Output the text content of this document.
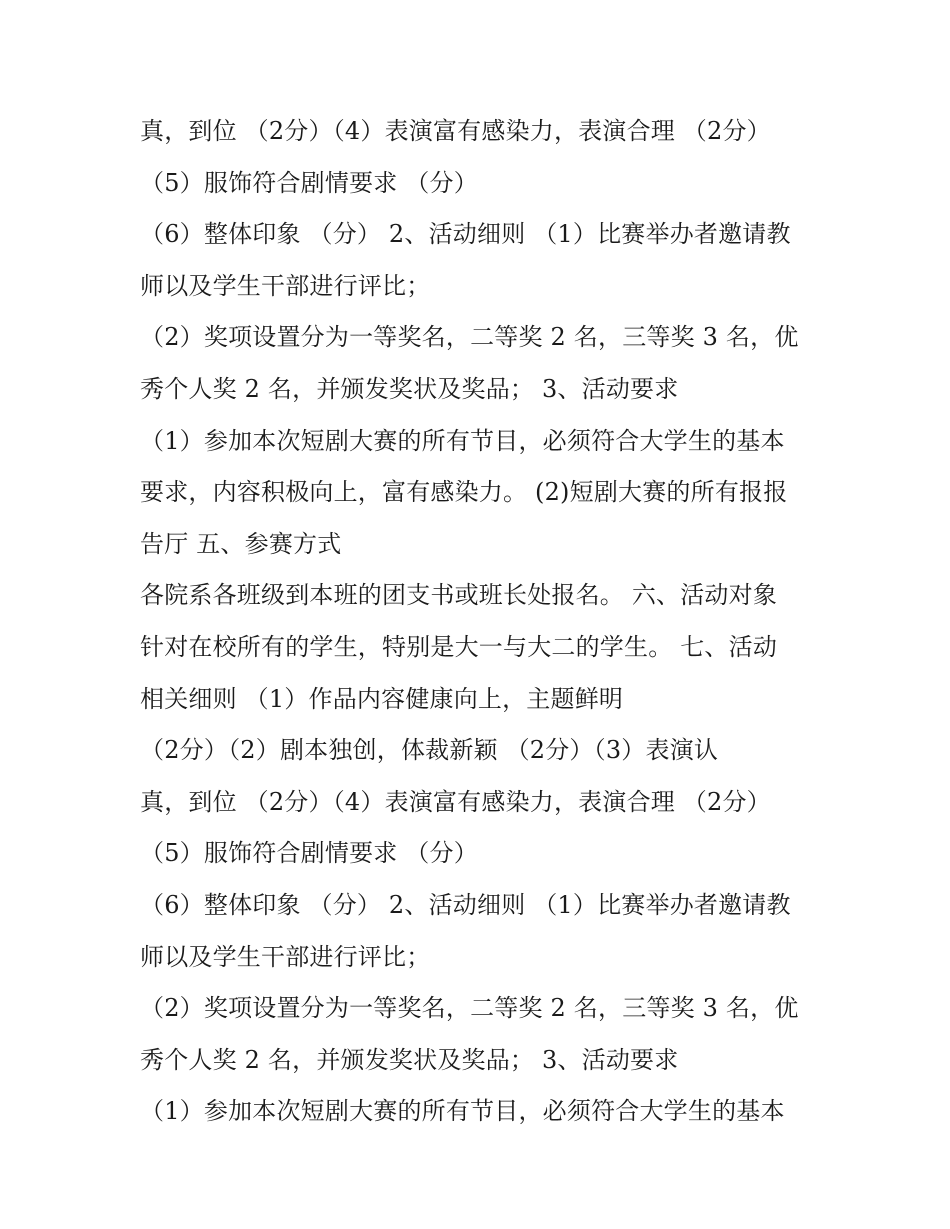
真，到位 （2分）（4）表演富有感染力，表演合理 （2分）
（5）服饰符合剧情要求 （分）
（6）整体印象 （分） 2、活动细则 （1）比赛举办者邀请教
师以及学生干部进行评比；
（2）奖项设置分为一等奖名，二等奖 2 名，三等奖 3 名，优
秀个人奖 2 名，并颁发奖状及奖品； 3、活动要求
（1）参加本次短剧大赛的所有节目，必须符合大学生的基本
要求，内容积极向上，富有感染力。 (2)短剧大赛的所有报报
告厅 五、参赛方式
各院系各班级到本班的团支书或班长处报名。 六、活动对象
针对在校所有的学生，特别是大一与大二的学生。 七、活动
相关细则 （1）作品内容健康向上，主题鲜明
（2分）（2）剧本独创，体裁新颖 （2分）（3）表演认
真，到位 （2分）（4）表演富有感染力，表演合理 （2分）
（5）服饰符合剧情要求 （分）
（6）整体印象 （分） 2、活动细则 （1）比赛举办者邀请教
师以及学生干部进行评比；
（2）奖项设置分为一等奖名，二等奖 2 名，三等奖 3 名，优
秀个人奖 2 名，并颁发奖状及奖品； 3、活动要求
（1）参加本次短剧大赛的所有节目，必须符合大学生的基本
